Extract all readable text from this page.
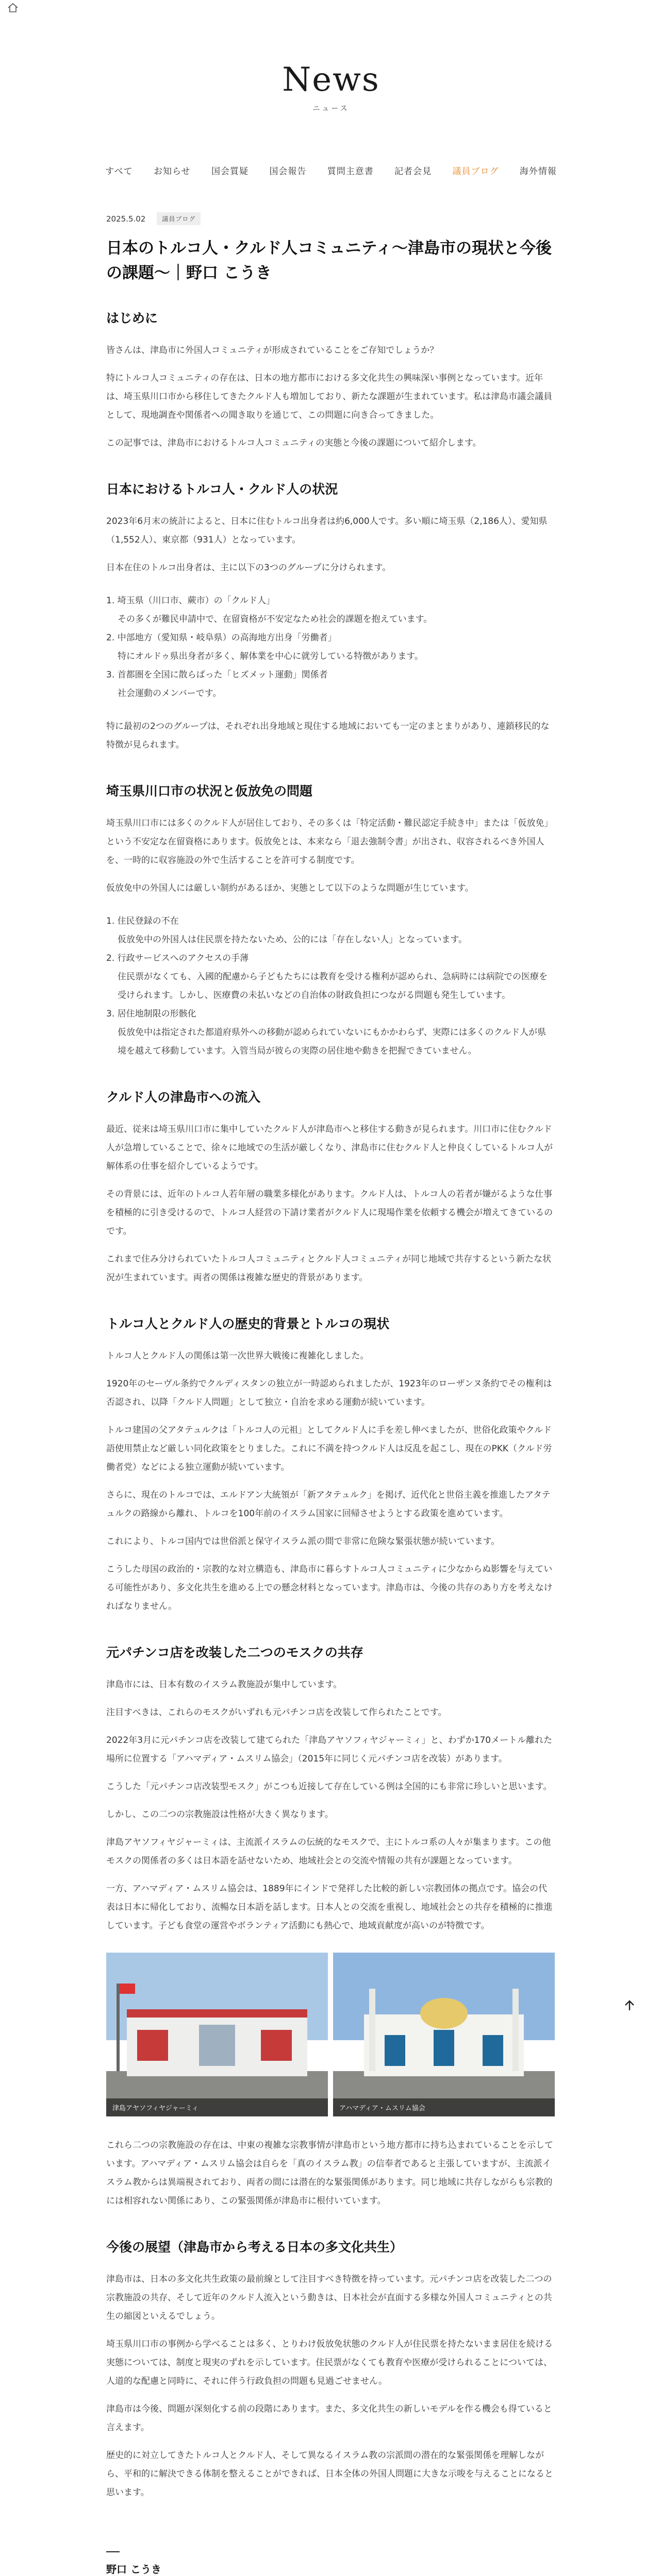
News
ニュース
すべて お知らせ 国会質疑 国会報告 質問主意書 記者会見 議員ブログ 海外情報
2025.5.02	議員ブログ
日本のトルコ人・クルド人コミュニティ〜津島市の現状と今後の課題〜｜野口 こうき
はじめに

皆さんは、津島市に外国人コミュニティが形成されていることをご存知でしょうか？

特にトルコ人コミュニティの存在は、日本の地方都市における多文化共生の興味深い事例となっています。近年は、埼玉県川口市から移住してきたクルド人も増加しており、新たな課題が生まれています。私は津島市議会議員として、現地調査や関係者への聞き取りを通じて、この問題に向き合ってきました。

この記事では、津島市におけるトルコ人コミュニティの実態と今後の課題について紹介します。

日本におけるトルコ人・クルド人の状況

2023年6月末の統計によると、日本に住むトルコ出身者は約6,000人です。多い順に埼玉県（2,186人）、愛知県（1,552人）、東京都（931人）となっています。

日本在住のトルコ出身者は、主に以下の3つのグループに分けられます。

1. 埼玉県（川口市、蕨市）の「クルド人」
その多くが難民申請中で、在留資格が不安定なため社会的課題を抱えています。
2. 中部地方（愛知県・岐阜県）の高海地方出身「労働者」
特にオルドゥ県出身者が多く、解体業を中心に就労している特徴があります。
3. 首都圏を全国に散らばった「ヒズメット運動」関係者
社会運動のメンバーです。

特に最初の2つのグループは、それぞれ出身地域と現住する地域においても一定のまとまりがあり、連鎖移民的な特徴が見られます。

埼玉県川口市の状況と仮放免の問題

埼玉県川口市には多くのクルド人が居住しており、その多くは「特定活動・難民認定手続き中」または「仮放免」という不安定な在留資格にあります。仮放免とは、本来なら「退去強制令書」が出され、収容されるべき外国人を、一時的に収容施設の外で生活することを許可する制度です。

仮放免中の外国人には厳しい制約があるほか、実態として以下のような問題が生じています。

1. 住民登録の不在
仮放免中の外国人は住民票を持たないため、公的には「存在しない人」となっています。
2. 行政サービスへのアクセスの手薄
住民票がなくても、入國的配慮から子どもたちには教育を受ける権利が認められ、急病時には病院での医療を受けられます。しかし、医療費の未払いなどの自治体の財政負担につながる問題も発生しています。
3. 居住地制限の形骸化
仮放免中は指定された都道府県外への移動が認められていないにもかかわらず、実際には多くのクルド人が県境を越えて移動しています。入管当局が彼らの実際の居住地や動きを把握できていません。
クルド人の津島市への流入

最近、従来は埼玉県川口市に集中していたクルド人が津島市へと移住する動きが見られます。川口市に住むクルド人が急増していることで、徐々に地域での生活が厳しくなり、津島市に住むクルド人と仲良くしているトルコ人が解体系の仕事を紹介しているようです。

その背景には、近年のトルコ人若年層の職業多様化があります。クルド人は、トルコ人の若者が嫌がるような仕事を積極的に引き受けるので、トルコ人経営の下請け業者がクルド人に現場作業を依頼する機会が増えてきているのです。

これまで住み分けられていたトルコ人コミュニティとクルド人コミュニティが同じ地域で共存するという新たな状況が生まれています。両者の関係は複雑な歴史的背景があります。

トルコ人とクルド人の歴史的背景とトルコの現状

トルコ人とクルド人の関係は第一次世界大戦後に複雑化しました。

1920年のセーヴル条約でクルディスタンの独立が一時認められましたが、1923年のローザンヌ条約でその権利は否認され、以降「クルド人問題」として独立・自治を求める運動が続いています。

トルコ建国の父アタテュルクは「トルコ人の元祖」としてクルド人に手を差し伸べましたが、世俗化政策やクルド語使用禁止など厳しい同化政策をとりました。これに不満を持つクルド人は反乱を起こし、現在のPKK（クルド労働者党）などによる独立運動が続いています。

さらに、現在のトルコでは、エルドアン大統領が「新アタテュルク」を掲げ、近代化と世俗主義を推進したアタテュルクの路線から離れ、トルコを100年前のイスラム国家に回帰させようとする政策を進めています。

これにより、トルコ国内では世俗派と保守イスラム派の間で非常に危険な緊張状態が続いています。

こうした母国の政治的・宗教的な対立構造も、津島市に暮らすトルコ人コミュニティに少なからぬ影響を与えている可能性があり、多文化共生を進める上での懸念材料となっています。津島市は、今後の共存のあり方を考えなければなりません。

元パチンコ店を改装した二つのモスクの共存

津島市には、日本有数のイスラム教施設が集中しています。

注目すべきは、これらのモスクがいずれも元パチンコ店を改装して作られたことです。

2022年3月に元パチンコ店を改装して建てられた「津島アヤソフィヤジャーミィ」と、わずか170メートル離れた場所に位置する「アハマディア・ムスリム協会」（2015年に同じく元パチンコ店を改装）があります。

こうした「元パチンコ店改装型モスク」がこつも近接して存在している例は全国的にも非常に珍しいと思います。

しかし、この二つの宗教施設は性格が大きく異なります。

津島アヤソフィヤジャーミィは、主流派イスラムの伝統的なモスクで、主にトルコ系の人々が集まります。この他モスクの関係者の多くは日本語を話せないため、地域社会との交流や情報の共有が課題となっています。

一方、アハマディア・ムスリム協会は、1889年にインドで発祥した比較的新しい宗教団体の拠点です。協会の代表は日本に帰化しており、流暢な日本語を話します。日本人との交流を重視し、地域社会との共存を積極的に推進しています。子ども食堂の運営やボランティア活動にも熱心で、地域貢献度が高いのが特徴です。

津島アヤソフィヤジャーミィ	アハマディア・ムスリム協会

これら二つの宗教施設の存在は、中東の複雑な宗教事情が津島市という地方都市に持ち込まれていることを示しています。アハマディア・ムスリム協会は自らを「真のイスラム教」の信奉者であると主張していますが、主流派イスラム教からは異端視されており、両者の間には潜在的な緊張関係があります。同じ地域に共存しながらも宗教的には相容れない関係にあり、この緊張関係が津島市に根付いています。

今後の展望（津島市から考える日本の多文化共生）

津島市は、日本の多文化共生政策の最前線として注目すべき特徴を持っています。元パチンコ店を改装した二つの宗教施設の共存、そして近年のクルド人流入という動きは、日本社会が直面する多様な外国人コミュニティとの共生の縮図といえるでしょう。

埼玉県川口市の事例から学べることは多く、とりわけ仮放免状態のクルド人が住民票を持たないまま居住を続ける実態については、制度と現実のずれを示しています。住民票がなくても教育や医療が受けられることについては、人道的な配慮と同時に、それに伴う行政負担の問題も見過ごせません。

津島市は今後、問題が深刻化する前の段階にあります。また、多文化共生の新しいモデルを作る機会も得ていると言えます。

歴史的に対立してきたトルコ人とクルド人、そして異なるイスラム教の宗派間の潜在的な緊張関係を理解しながら、平和的に解決できる体制を整えることができれば、日本全体の外国人問題に大きな示唆を与えることになると思います。

野口 こうき
